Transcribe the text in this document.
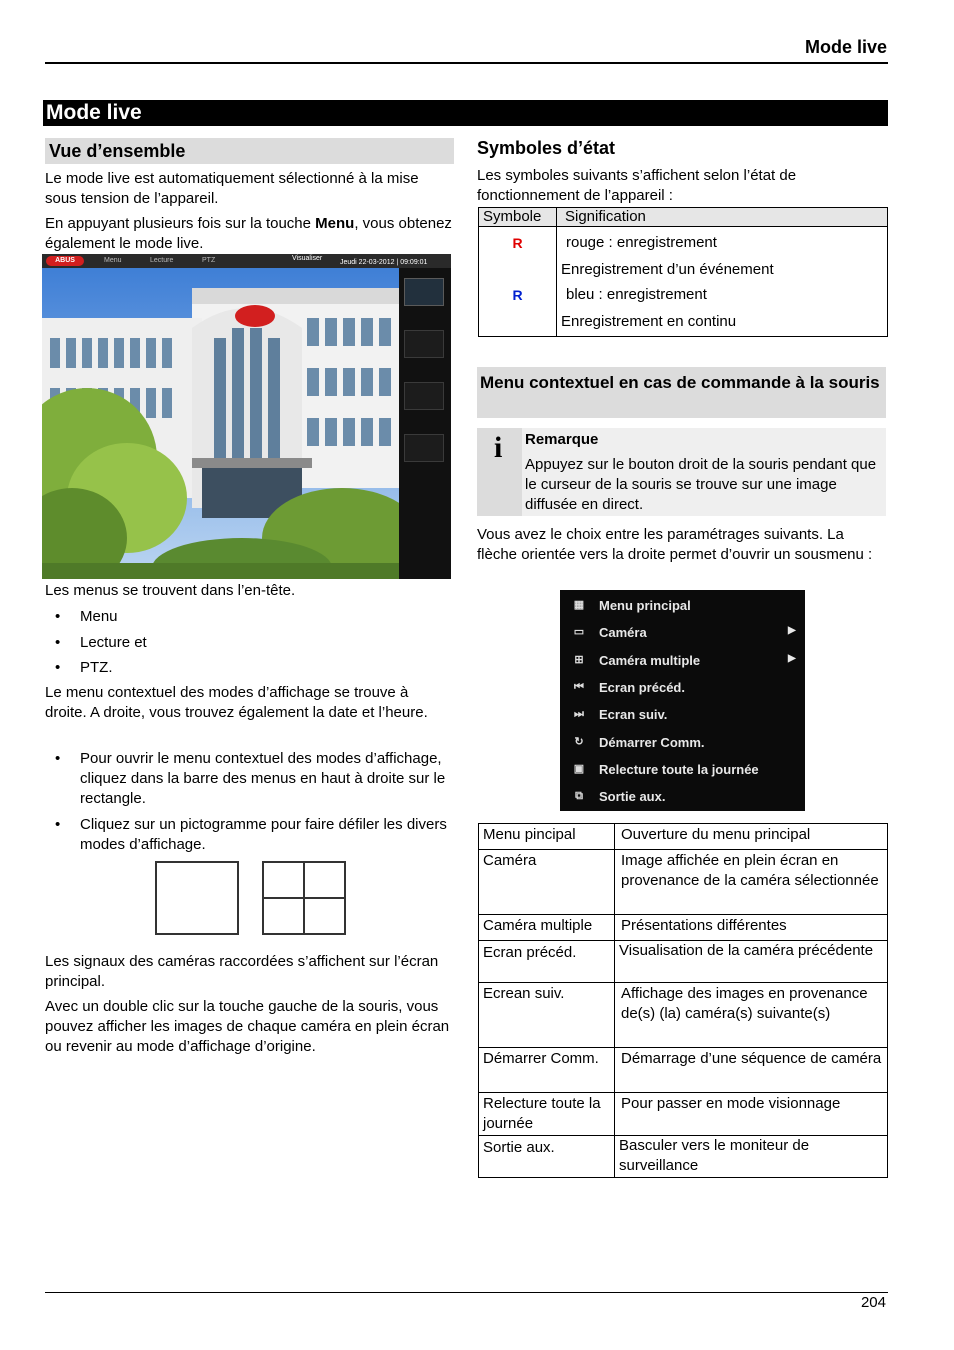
Mode live
Mode live
Vue d’ensemble
Le mode live est automatiquement sélectionné à la mise sous tension de l’appareil.
En appuyant plusieurs fois sur la touche Menu, vous obtenez également le mode live.
ABUS	Menu	Lecture	PTZ	Visualiser
Jeudi 22-03-2012 | 09:09:01
Les menus se trouvent dans l’en-tête.
• Menu
• Lecture et
• PTZ.
Le menu contextuel des modes d’affichage se trouve à droite. A droite, vous trouvez également la date et l’heure.
• Pour ouvrir le menu contextuel des modes d’affichage, cliquez dans la barre des menus en haut à droite sur le rectangle.
• Cliquez sur un pictogramme pour faire défiler les divers modes d’affichage.
Les signaux des caméras raccordées s’affichent sur l’écran principal.
Avec un double clic sur la touche gauche de la souris, vous pouvez afficher les images de chaque caméra en plein écran ou revenir au mode d’affichage d’origine.
Symboles d’état
Les symboles suivants s’affichent selon l’état de fonctionnement de l’appareil :
Symbole	Signification
R	rouge : enregistrement
Enregistrement d’un événement

R	bleu : enregistrement
Enregistrement en continu
Menu contextuel en cas de commande à la souris
i Remarque
Appuyez sur le bouton droit de la souris pendant que le curseur de la souris se trouve sur une image diffusée en direct.
Vous avez le choix entre les paramétrages suivants. La flèche orientée vers la droite permet d’ouvrir un sousmenu :
▦ Menu principal
▭ Caméra	▶
⊞ Caméra multiple	▶
⏮ Ecran précéd.
⏭ Ecran suiv.
↻ Démarrer Comm.
▣ Relecture toute la journée
⧉ Sortie aux.
Menu pincipal	Ouverture du menu principal
Caméra	Image affichée en plein écran en provenance de la caméra sélectionnée
Caméra multiple	Présentations différentes
Ecran précéd.	Visualisation de la caméra précédente
Ecrean suiv.	Affichage des images en provenance de(s) (la) caméra(s) suivante(s)
Démarrer Comm.	Démarrage d’une séquence de caméra
Relecture toute la journée	Pour passer en mode visionnage
Sortie aux.	Basculer vers le moniteur de surveillance
204
